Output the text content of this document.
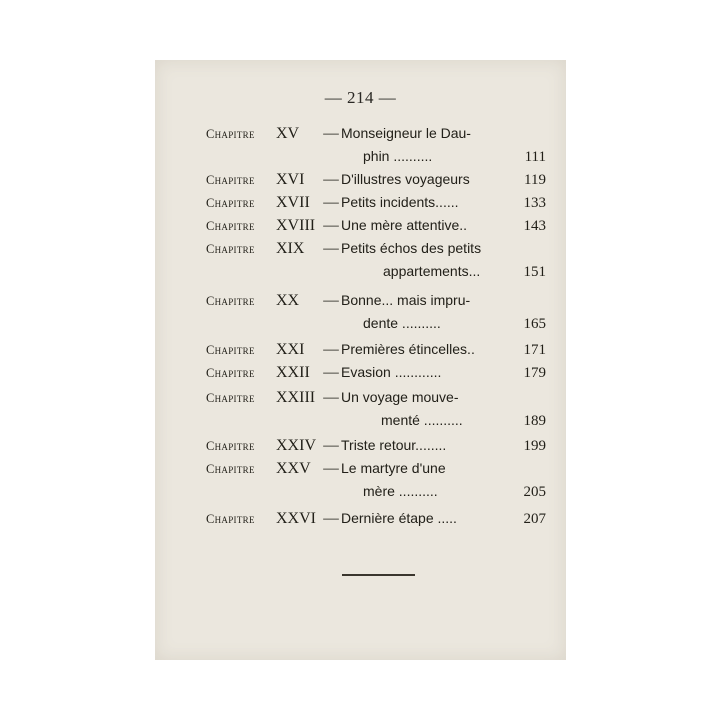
— 214 —
Chapitre	XV	— Monseigneur le Dau-
phin ..........	111
Chapitre	XVI	— D'illustres voyageurs	119
Chapitre	XVII — Petits incidents......	133
Chapitre	XVIII — Une mère attentive..	143
Chapitre	XIX	— Petits échos des petits
appartements...	151
Chapitre	XX	— Bonne... mais impru-
dente ..........	165
Chapitre	XXI	— Premières étincelles..	171
Chapitre	XXII — Evasion ............	179
Chapitre	XXIII — Un voyage mouve-
menté ..........	189
Chapitre	XXIV — Triste retour........	199
Chapitre	XXV — Le martyre d'une
mère ..........	205
Chapitre	XXVI — Dernière étape .....	207
